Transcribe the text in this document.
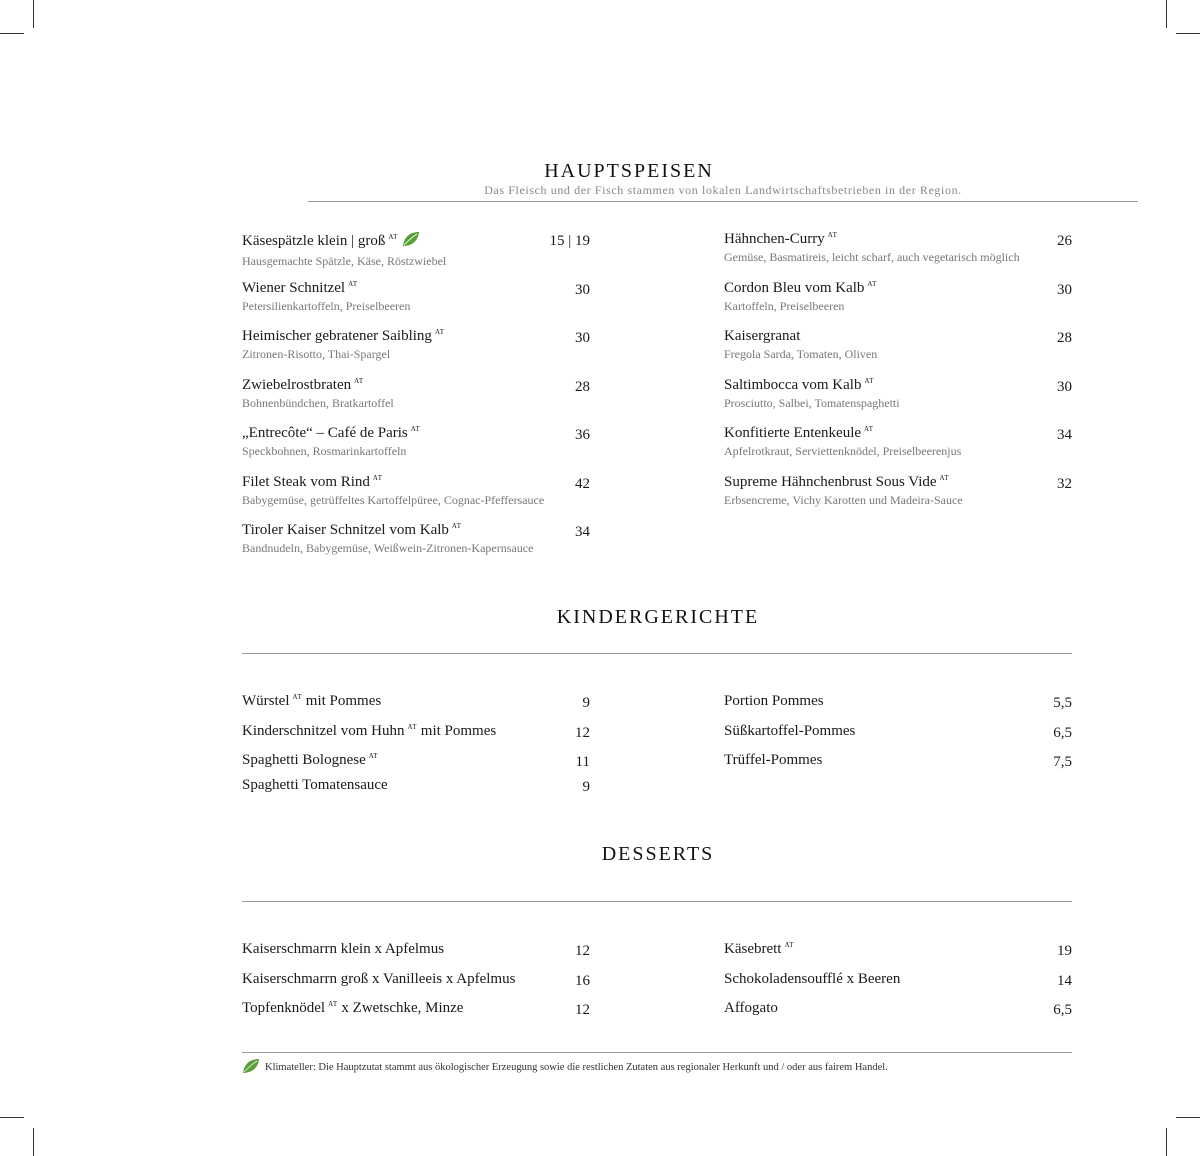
HAUPTSPEISEN
Das Fleisch und der Fisch stammen von lokalen Landwirtschaftsbetrieben in der Region.
Käsespätzle klein | groß $^{AT}$	15 | 19
Hausgemachte Spätzle, Käse, Röstzwiebel
Wiener Schnitzel $^{AT}$	30
Petersilienkartoffeln, Preiselbeeren
Heimischer gebratener Saibling $^{AT}$	30
Zitronen-Risotto, Thai-Spargel
Zwiebelrostbraten $^{AT}$	28
Bohnenbündchen, Bratkartoffel
„Entrecôte“ – Café de Paris $^{AT}$	36
Speckbohnen, Rosmarinkartoffeln
Filet Steak vom Rind $^{AT}$	42
Babygemüse, getrüffeltes Kartoffelpüree, Cognac-Pfeffersauce
Tiroler Kaiser Schnitzel vom Kalb $^{AT}$	34
Bandnudeln, Babygemüse, Weißwein-Zitronen-Kapernsauce
Hähnchen-Curry $^{AT}$	26
Gemüse, Basmatireis, leicht scharf, auch vegetarisch möglich
Cordon Bleu vom Kalb $^{AT}$	30
Kartoffeln, Preiselbeeren
Kaisergranat	28
Fregola Sarda, Tomaten, Oliven
Saltimbocca vom Kalb $^{AT}$	30
Prosciutto, Salbei, Tomatenspaghetti
Konfitierte Entenkeule $^{AT}$	34
Apfelrotkraut, Serviettenknödel, Preiselbeerenjus
Supreme Hähnchenbrust Sous Vide $^{AT}$	32
Erbsencreme, Vichy Karotten und Madeira-Sauce
KINDERGERICHTE
Würstel $^{AT}$ mit Pommes	9
Kinderschnitzel vom Huhn $^{AT}$ mit Pommes	12
Spaghetti Bolognese $^{AT}$	11
Spaghetti Tomatensauce	9
Portion Pommes	5,5
Süßkartoffel-Pommes	6,5
Trüffel-Pommes	7,5
DESSERTS
Kaiserschmarrn klein x Apfelmus	12
Kaiserschmarrn groß x Vanilleeis x Apfelmus	16
Topfenknödel $^{AT}$ x Zwetschke, Minze	12
Käsebrett $^{AT}$	19
Schokoladensoufflé x Beeren	14
Affogato	6,5
Klimateller: Die Hauptzutat stammt aus ökologischer Erzeugung sowie die restlichen Zutaten aus regionaler Herkunft und / oder aus fairem Handel.
